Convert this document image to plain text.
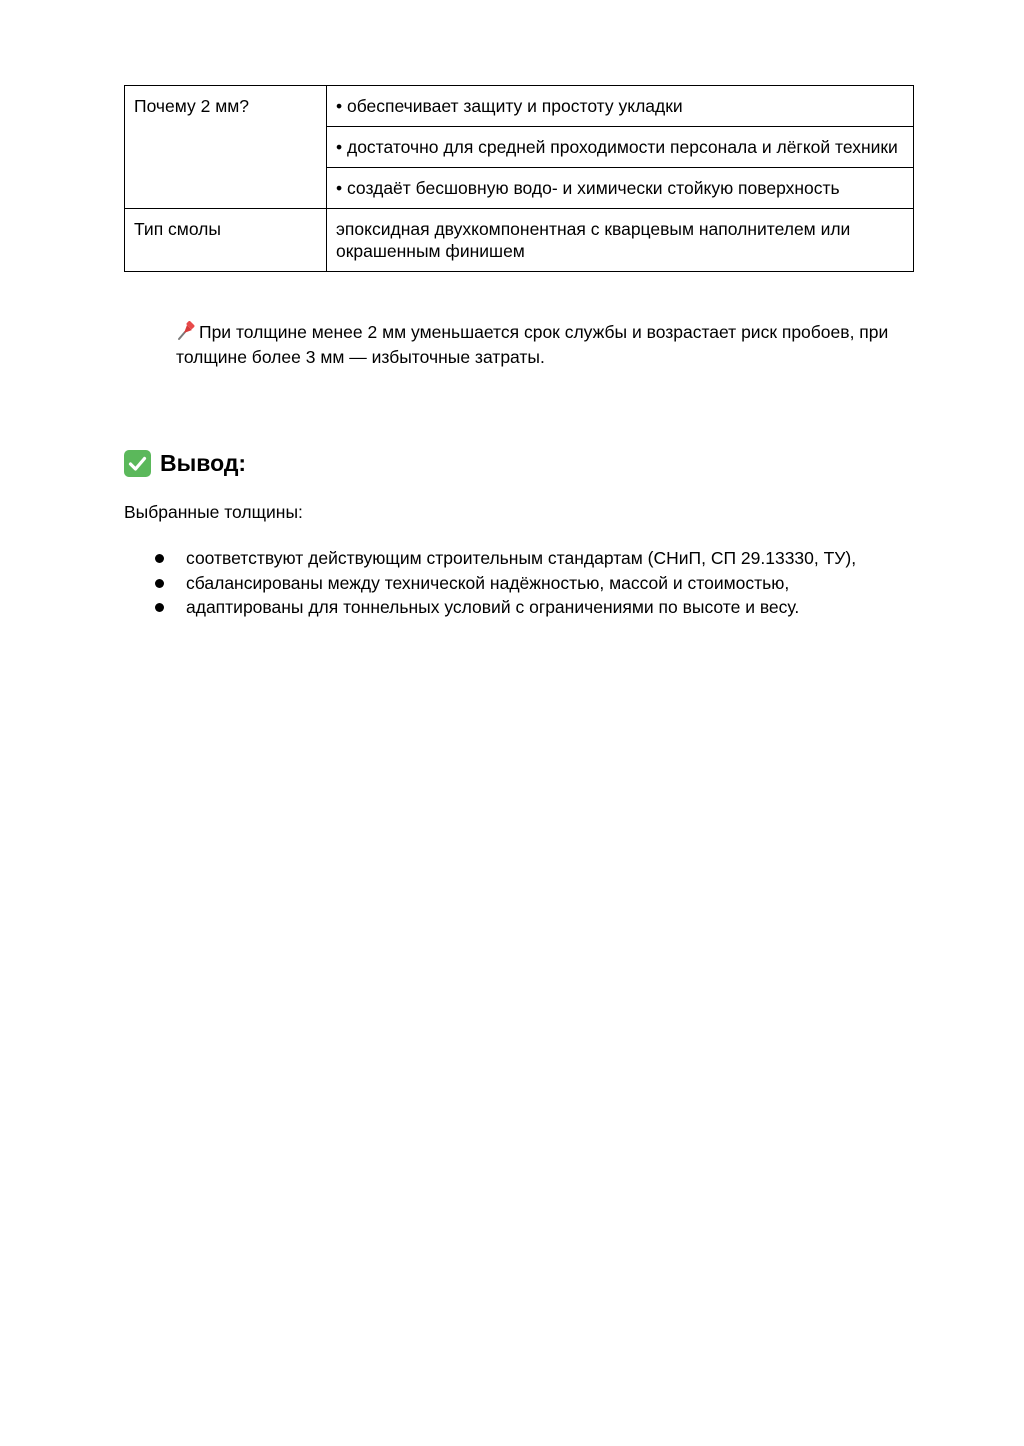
Почему 2 мм?	• обеспечивает защиту и простоту укладки
	• достаточно для средней проходимости персонала и лёгкой техники
	• создаёт бесшовную водо- и химически стойкую поверхность
Тип смолы	эпоксидная двухкомпонентная с кварцевым наполнителем или окрашенным финишем
При толщине менее 2 мм уменьшается срок службы и возрастает риск пробоев, при толщине более 3 мм — избыточные затраты.
Вывод:
Выбранные толщины:
соответствуют действующим строительным стандартам (СНиП, СП 29.13330, ТУ),
сбалансированы между технической надёжностью, массой и стоимостью,
адаптированы для тоннельных условий с ограничениями по высоте и весу.
